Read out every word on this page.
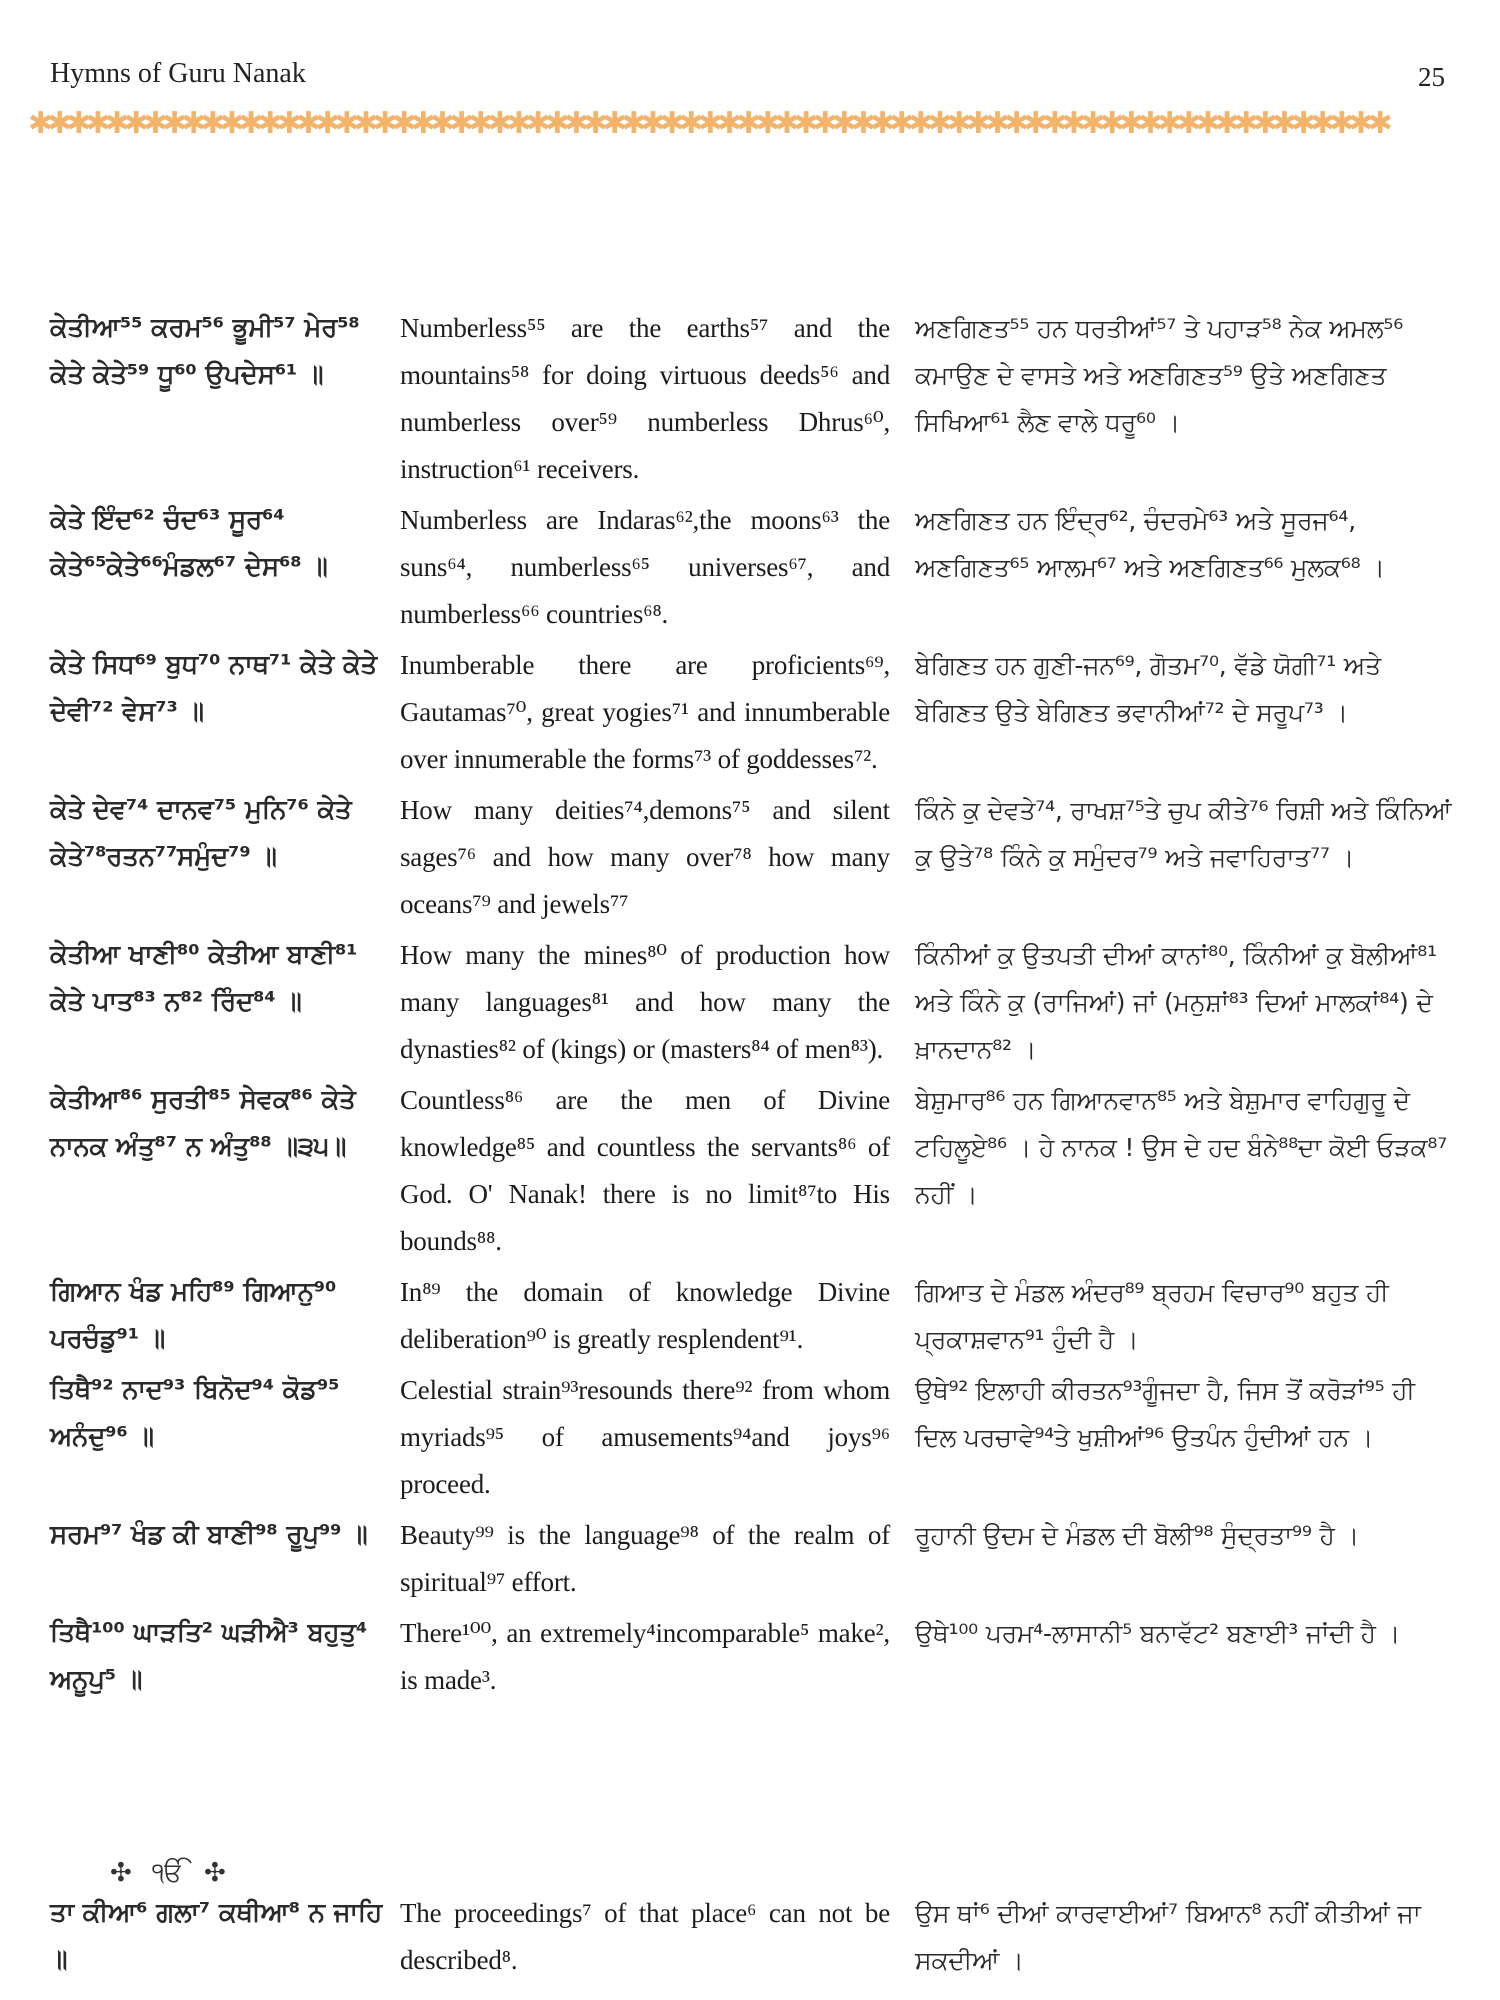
Hymns of Guru Nanak	25
✱✱✱✱✱✱✱✱✱✱✱✱✱✱✱✱✱✱✱✱✱✱✱✱✱✱✱✱✱✱✱✱✱✱✱✱✱✱✱✱✱✱✱✱✱✱✱✱✱✱✱✱✱✱✱✱✱✱✱✱✱✱✱✱✱✱✱✱✱✱✱
ਕੇਤੀਆ⁵⁵ ਕਰਮ⁵⁶ ਭੂਮੀ⁵⁷ ਮੇਰ⁵⁸ ਕੇਤੇ ਕੇਤੇ⁵⁹ ਧੂ⁶⁰ ਉਪਦੇਸ⁶¹ ॥
Numberless⁵⁵ are the earths⁵⁷ and the mountains⁵⁸ for doing virtuous deeds⁵⁶ and numberless over⁵⁹ numberless Dhrus⁶⁰, instruction⁶¹ receivers.
ਅਣਗਿਣਤ⁵⁵ ਹਨ ਧਰਤੀਆਂ⁵⁷ ਤੇ ਪਹਾੜ⁵⁸ ਨੇਕ ਅਮਲ⁵⁶ ਕਮਾਉਣ ਦੇ ਵਾਸਤੇ ਅਤੇ ਅਣਗਿਣਤ⁵⁹ ਉਤੇ ਅਣਗਿਣਤ ਸਿਖਿਆ⁶¹ ਲੈਣ ਵਾਲੇ ਧਰੂ⁶⁰ ।
ਕੇਤੇ ਇੰਦ⁶² ਚੰਦ⁶³ ਸੂਰ⁶⁴ ਕੇਤੇ⁶⁵ਕੇਤੇ⁶⁶ਮੰਡਲ⁶⁷ ਦੇਸ⁶⁸ ॥
Numberless are Indaras⁶²,the moons⁶³ the suns⁶⁴, numberless⁶⁵ universes⁶⁷, and numberless⁶⁶ countries⁶⁸.
ਅਣਗਿਣਤ ਹਨ ਇੰਦ੍ਰ⁶², ਚੰਦਰਮੇ⁶³ ਅਤੇ ਸੂਰਜ⁶⁴, ਅਣਗਿਣਤ⁶⁵ ਆਲਮ⁶⁷ ਅਤੇ ਅਣਗਿਣਤ⁶⁶ ਮੁਲਕ⁶⁸ ।
ਕੇਤੇ ਸਿਧ⁶⁹ ਬੁਧ⁷⁰ ਨਾਥ⁷¹ ਕੇਤੇ ਕੇਤੇ ਦੇਵੀ⁷² ਵੇਸ⁷³ ॥
Inumberable there are proficients⁶⁹, Gautamas⁷⁰, great yogies⁷¹ and innumberable over innumerable the forms⁷³ of goddesses⁷².
ਬੇਗਿਣਤ ਹਨ ਗੁਣੀ-ਜਨ⁶⁹, ਗੋਤਮ⁷⁰, ਵੱਡੇ ਯੋਗੀ⁷¹ ਅਤੇ ਬੇਗਿਣਤ ਉਤੇ ਬੇਗਿਣਤ ਭਵਾਨੀਆਂ⁷² ਦੇ ਸਰੂਪ⁷³ ।
ਕੇਤੇ ਦੇਵ⁷⁴ ਦਾਨਵ⁷⁵ ਮੁਨਿ⁷⁶ ਕੇਤੇ ਕੇਤੇ⁷⁸ਰਤਨ⁷⁷ਸਮੁੰਦ⁷⁹ ॥
How many deities⁷⁴,demons⁷⁵ and silent sages⁷⁶ and how many over⁷⁸ how many oceans⁷⁹ and jewels⁷⁷
ਕਿੰਨੇ ਕੁ ਦੇਵਤੇ⁷⁴, ਰਾਖਸ਼⁷⁵ਤੇ ਚੁਪ ਕੀਤੇ⁷⁶ ਰਿਸ਼ੀ ਅਤੇ ਕਿੰਨਿਆਂ ਕੁ ਉਤੇ⁷⁸ ਕਿੰਨੇ ਕੁ ਸਮੁੰਦਰ⁷⁹ ਅਤੇ ਜਵਾਹਿਰਾਤ⁷⁷ ।
ਕੇਤੀਆ ਖਾਣੀ⁸⁰ ਕੇਤੀਆ ਬਾਣੀ⁸¹ ਕੇਤੇ ਪਾਤ⁸³ ਨ⁸² ਰਿੰਦ⁸⁴ ॥
How many the mines⁸⁰ of production how many languages⁸¹ and how many the dynasties⁸² of (kings) or (masters⁸⁴ of men⁸³).
ਕਿੰਨੀਆਂ ਕੁ ਉਤਪਤੀ ਦੀਆਂ ਕਾਨਾਂ⁸⁰, ਕਿੰਨੀਆਂ ਕੁ ਬੋਲੀਆਂ⁸¹ ਅਤੇ ਕਿੰਨੇ ਕੁ (ਰਾਜਿਆਂ) ਜਾਂ (ਮਨੁਸ਼ਾਂ⁸³ ਦਿਆਂ ਮਾਲਕਾਂ⁸⁴) ਦੇ ਖ਼ਾਨਦਾਨ⁸² ।
ਕੇਤੀਆ⁸⁶ ਸੁਰਤੀ⁸⁵ ਸੇਵਕ⁸⁶ ਕੇਤੇ ਨਾਨਕ ਅੰਤੁ⁸⁷ ਨ ਅੰਤੁ⁸⁸ ॥੩੫॥
Countless⁸⁶ are the men of Divine knowledge⁸⁵ and countless the servants⁸⁶ of God. O' Nanak! there is no limit⁸⁷to His bounds⁸⁸.
ਬੇਸ਼ੁਮਾਰ⁸⁶ ਹਨ ਗਿਆਨਵਾਨ⁸⁵ ਅਤੇ ਬੇਸ਼ੁਮਾਰ ਵਾਹਿਗੁਰੂ ਦੇ ਟਹਿਲੂਏ⁸⁶ । ਹੇ ਨਾਨਕ ! ਉਸ ਦੇ ਹਦ ਬੰਨੇ⁸⁸ਦਾ ਕੋਈ ਓੜਕ⁸⁷ ਨਹੀਂ ।
ਗਿਆਨ ਖੰਡ ਮਹਿ⁸⁹ ਗਿਆਨੁ⁹⁰ ਪਰਚੰਡੁ⁹¹ ॥
In⁸⁹ the domain of knowledge Divine deliberation⁹⁰ is greatly resplendent⁹¹.
ਗਿਆਤ ਦੇ ਮੰਡਲ ਅੰਦਰ⁸⁹ ਬ੍ਰਹਮ ਵਿਚਾਰ⁹⁰ ਬਹੁਤ ਹੀ ਪ੍ਰਕਾਸ਼ਵਾਨ⁹¹ ਹੁੰਦੀ ਹੈ ।
ਤਿਥੈ⁹² ਨਾਦ⁹³ ਬਿਨੋਦ⁹⁴ ਕੋਡ⁹⁵ ਅਨੰਦੁ⁹⁶ ॥
Celestial strain⁹³resounds there⁹² from whom myriads⁹⁵ of amusements⁹⁴and joys⁹⁶ proceed.
ਉਥੇ⁹² ਇਲਾਹੀ ਕੀਰਤਨ⁹³ਗੂੰਜਦਾ ਹੈ, ਜਿਸ ਤੋਂ ਕਰੋੜਾਂ⁹⁵ ਹੀ ਦਿਲ ਪਰਚਾਵੇ⁹⁴ਤੇ ਖੁਸ਼ੀਆਂ⁹⁶ ਉਤਪੰਨ ਹੁੰਦੀਆਂ ਹਨ ।
ਸਰਮ⁹⁷ ਖੰਡ ਕੀ ਬਾਣੀ⁹⁸ ਰੂਪੁ⁹⁹ ॥	Beauty⁹⁹ is the language⁹⁸ of the realm of spiritual⁹⁷ effort.
ਰੂਹਾਨੀ ਉਦਮ ਦੇ ਮੰਡਲ ਦੀ ਬੋਲੀ⁹⁸ ਸੁੰਦ੍ਰਤਾ⁹⁹ ਹੈ ।
ਤਿਥੈ¹⁰⁰ ਘਾੜਤਿ² ਘੜੀਐ³ ਬਹੁਤੁ⁴ ਅਨੂਪੁ⁵ ॥
There¹⁰⁰, an extremely⁴incomparable⁵ make², is made³.
ਉਥੇ¹⁰⁰ ਪਰਮ⁴-ਲਾਸਾਨੀ⁵ ਬਨਾਵੱਟ² ਬਣਾਈ³ ਜਾਂਦੀ ਹੈ ।
✣ ੴ ✣
ਤਾ ਕੀਆ⁶ ਗਲਾ⁷ ਕਥੀਆ⁸ ਨ ਜਾਹਿ ॥
The proceedings⁷ of that place⁶ can not be described⁸.
ਉਸ ਥਾਂ⁶ ਦੀਆਂ ਕਾਰਵਾਈਆਂ⁷ ਬਿਆਨ⁸ ਨਹੀਂ ਕੀਤੀਆਂ ਜਾ ਸਕਦੀਆਂ ।
